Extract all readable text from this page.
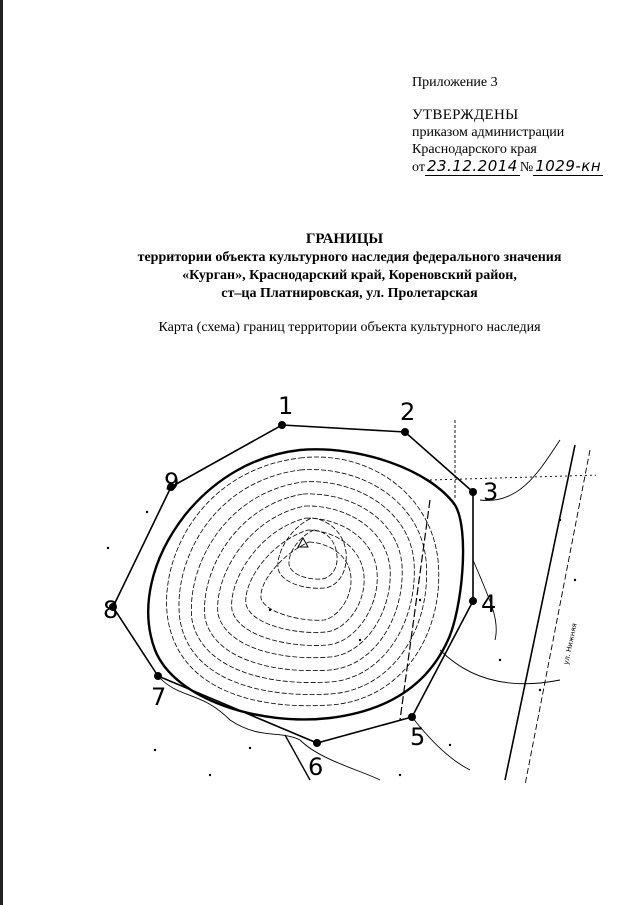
Приложение 3
УТВЕРЖДЕНЫ
приказом администрации
Краснодарского края
от 23.12.2014 № 1029-кн
ГРАНИЦЫ
территории объекта культурного наследия федерального значения
«Курган», Краснодарский край, Кореновский район,
ст–ца Платнировская, ул. Пролетарская
Карта (схема) границ территории объекта культурного наследия
1	2
3
4
5
6
7
8
9
ул. Нижняя
